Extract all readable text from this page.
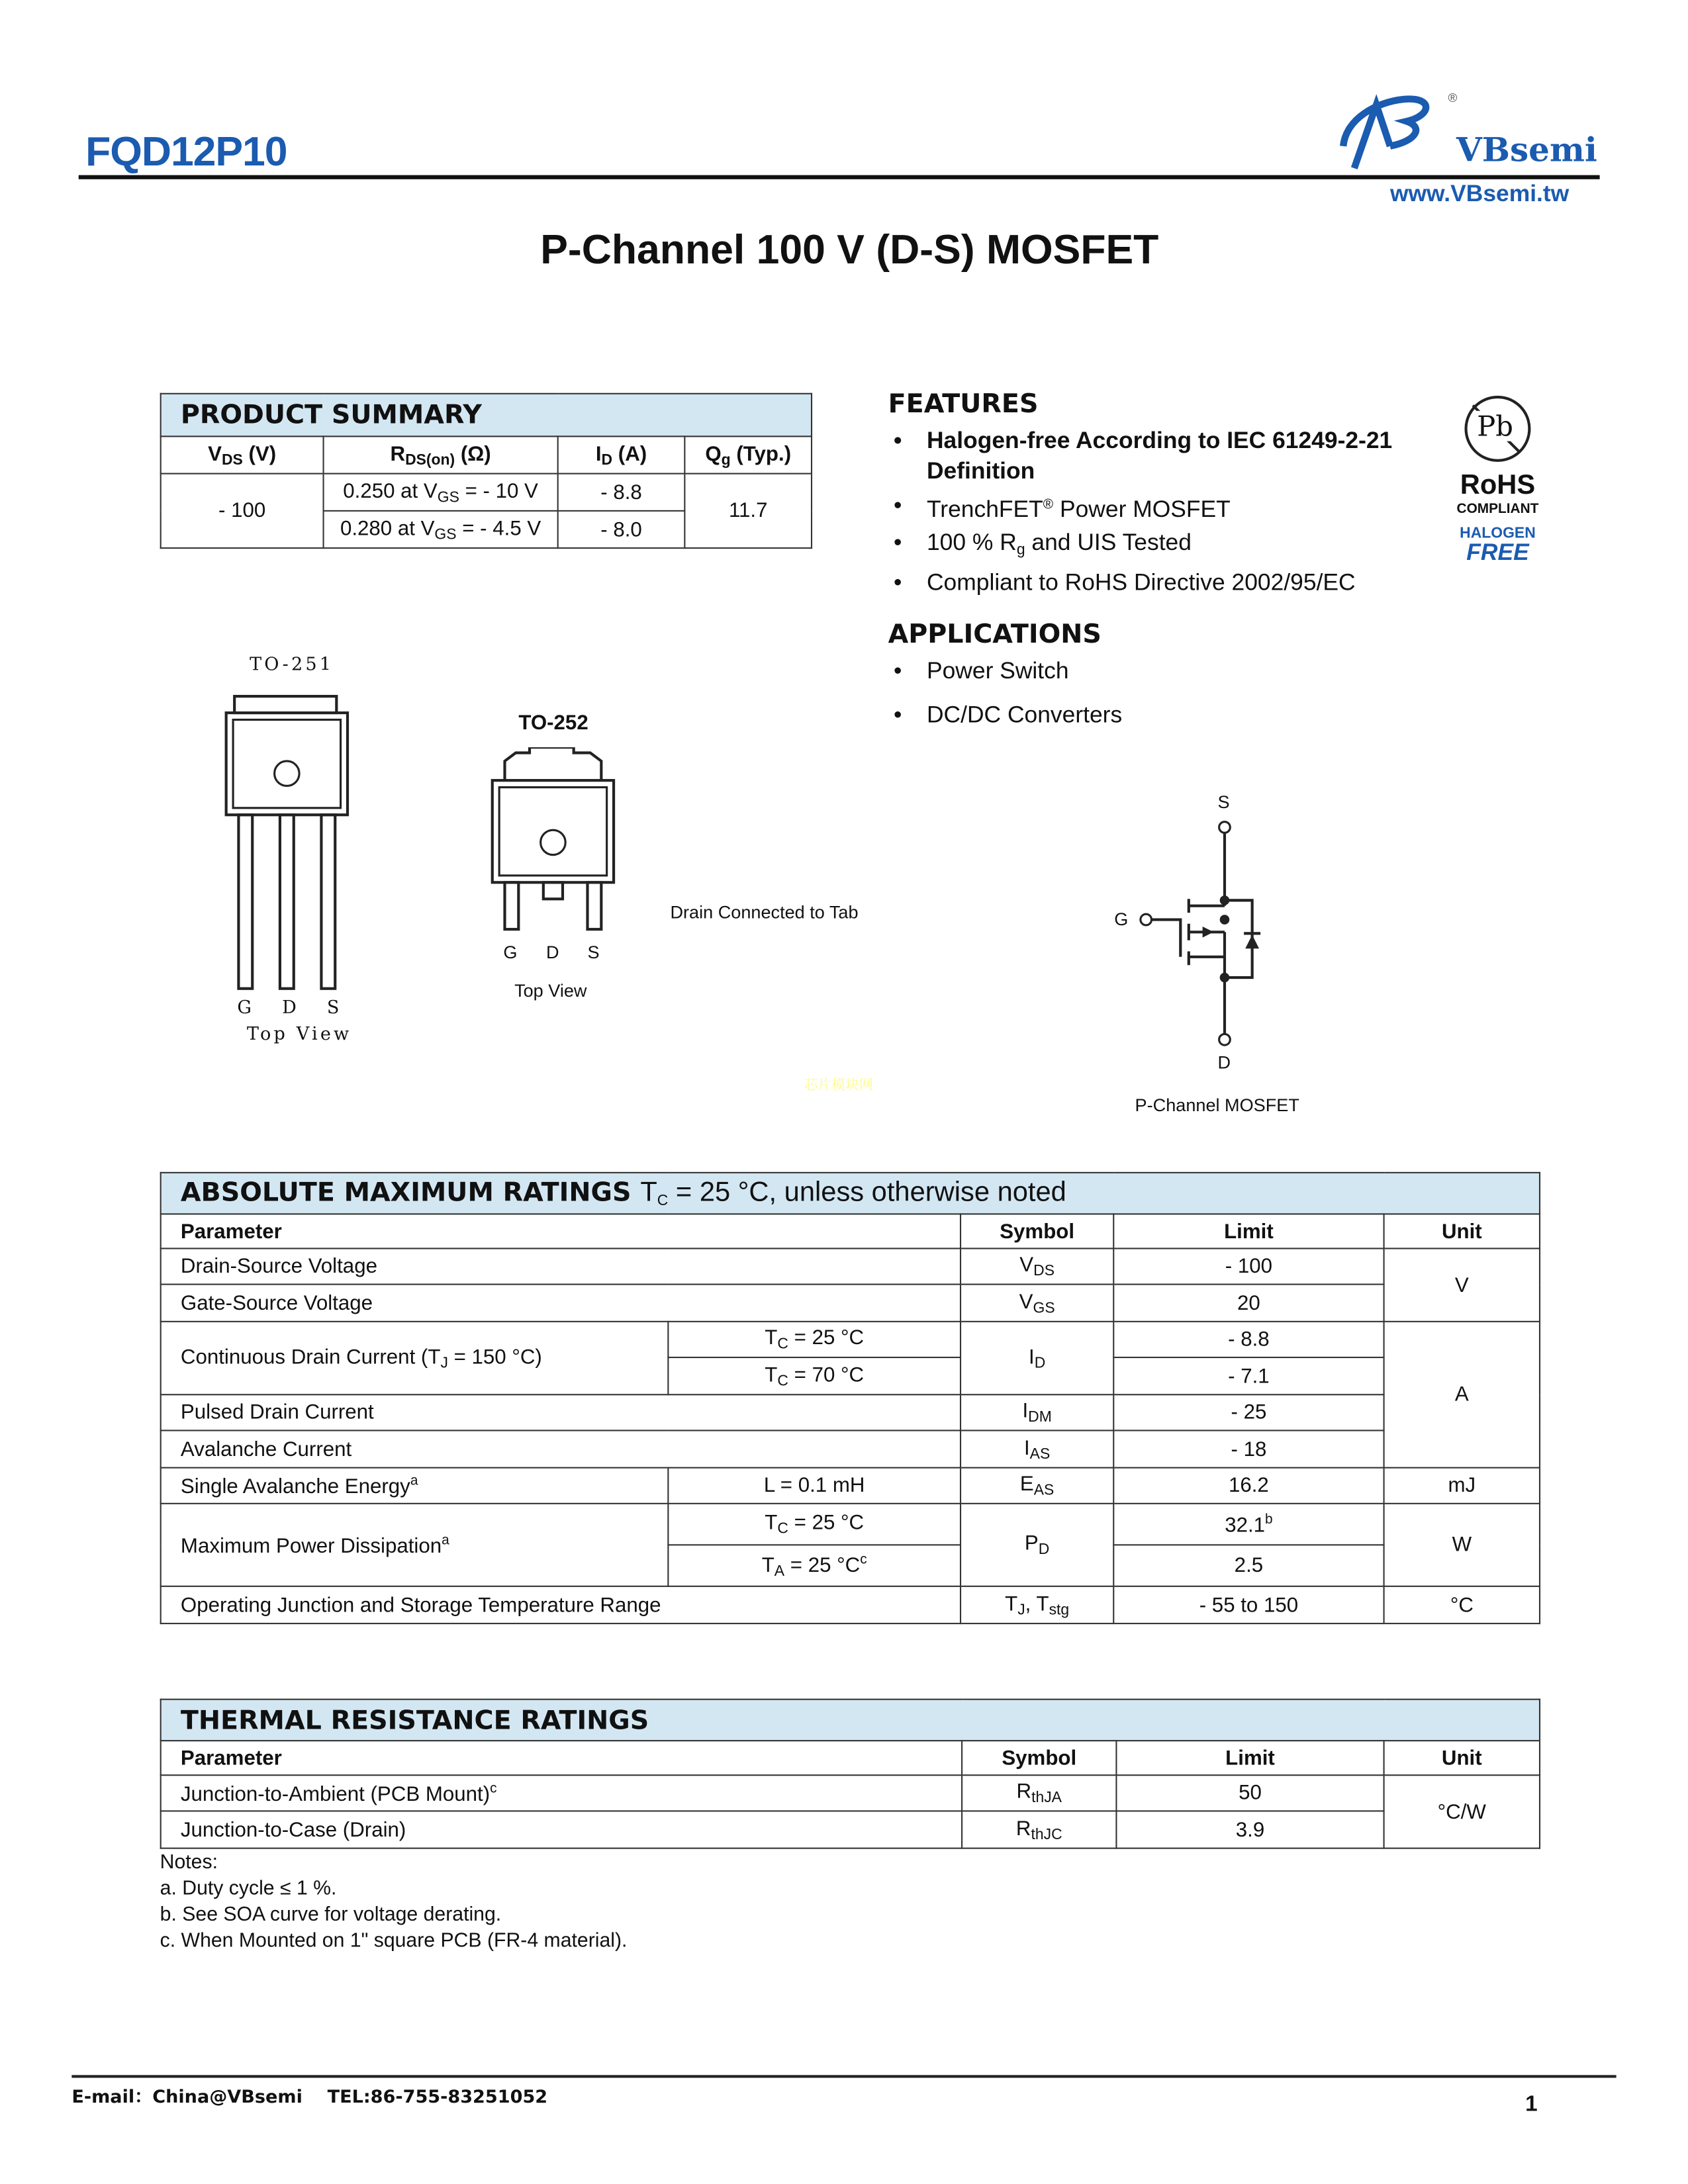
FQD12P10	VBsemi
®
www.VBsemi.tw
P-Channel 100 V (D-S) MOSFET
PRODUCT SUMMARY			
$V_{DS}$ (V)	$R_{DS(on)}$ (Ω)	$I_D$ (A)	$Q_g$ (Typ.)
- 100	0.250 at $V_{GS}$ = - 10 V	- 8.8	11.7
	0.280 at $V_{GS}$ = - 4.5 V	- 8.0	
FEATURES
• Halogen-free According to IEC 61249-2-21 Definition
• TrenchFET® Power MOSFET
• 100 % $R_g$ and UIS Tested
• Compliant to RoHS Directive 2002/95/EC
Pb
RoHS
COMPLIANT
HALOGEN
FREE
APPLICATIONS
• Power Switch
• DC/DC Converters
TO-251
G D S
Top View
TO-252
G	D	S
Top View
Drain Connected to Tab
芯片模块网
S
G
D
P-Channel MOSFET
ABSOLUTE MAXIMUM RATINGS $T_C = 25$ °C, unless otherwise noted				
Parameter		Symbol	Limit	Unit
Drain-Source Voltage		$V_{DS}$	- 100	V
Gate-Source Voltage		$V_{GS}$	20	
Continuous Drain Current ($T_J = 150$ °C)	$T_C = 25$ °C	$I_D$	- 8.8	A
	$T_C = 70$ °C		- 7.1	
Pulsed Drain Current		$I_{DM}$	- 25	
Avalanche Current		$I_{AS}$	- 18	
Single Avalanche Energy$^a$	L = 0.1 mH	$E_{AS}$	16.2	mJ
Maximum Power Dissipation$^a$	$T_C = 25$ °C	$P_D$	32.1$^b$	W
	$T_A = 25$ $^\circ C^c$		2.5	
Operating Junction and Storage Temperature Range		$T_J$, $T_{stg}$	- 55 to 150	°C
THERMAL RESISTANCE RATINGS			
Parameter	Symbol	Limit	Unit
Junction-to-Ambient (PCB Mount)$^c$	$R_{thJA}$	50	°C/W
Junction-to-Case (Drain)	$R_{thJC}$	3.9	
Notes:
a. Duty cycle ≤ 1 %.
b. See SOA curve for voltage derating.
c. When Mounted on 1" square PCB (FR-4 material).
E-mail：China@VBsemi    TEL:86-755-83251052	1
